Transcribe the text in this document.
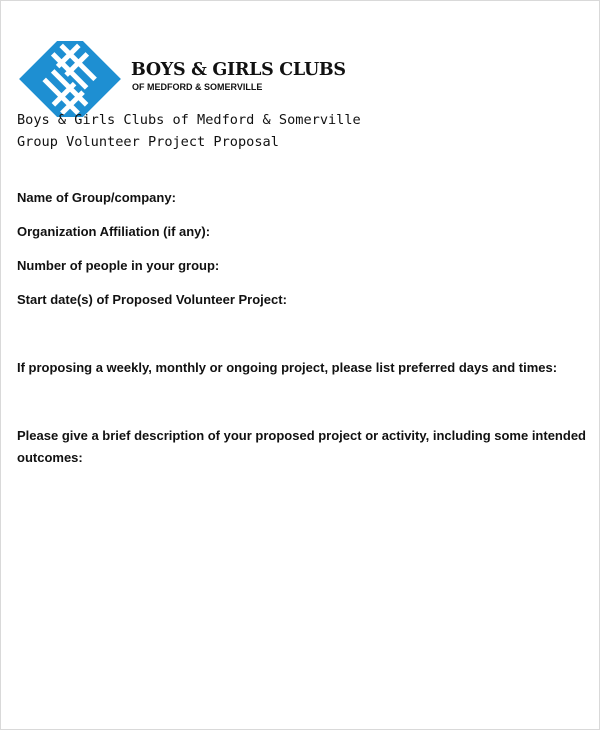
BOYS & GIRLS CLUBS
OF MEDFORD & SOMERVILLE
Boys & Girls Clubs of Medford & Somerville
Group Volunteer Project Proposal
Name of Group/company:
Organization Affiliation (if any):
Number of people in your group:
Start date(s) of Proposed Volunteer Project:
If proposing a weekly, monthly or ongoing project, please list preferred days and times:
Please give a brief description of your proposed project or activity, including some intended outcomes:
